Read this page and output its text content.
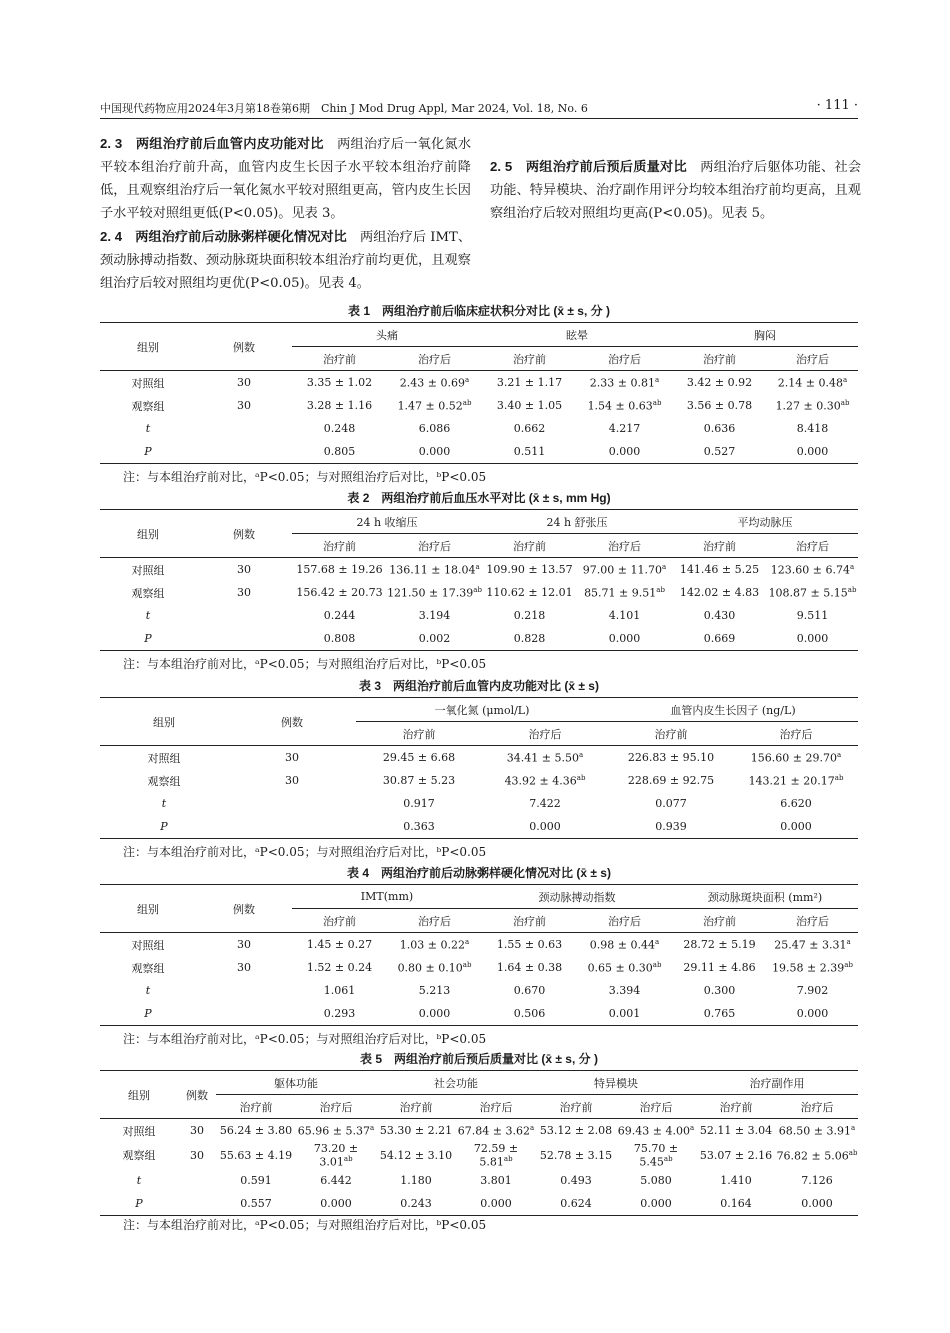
中国现代药物应用2024年3月第18卷第6期　Chin J Mod Drug Appl, Mar 2024, Vol. 18, No. 6	· 111 ·

2. 3　 两组治疗前后血管内皮功能对比　 两组治疗后一氧化氮水平较本组治疗前升高，血管内皮生长因子水平较本组治疗前降低，且观察组治疗后一氧化氮水平较对照组更高，管内皮生长因子水平较对照组更低(P<0.05)。见表 3。

2. 4　 两组治疗前后动脉粥样硬化情况对比　 两组治疗后 IMT、颈动脉搏动指数、颈动脉斑块面积较本组治疗前均更优，且观察组治疗后较对照组均更优(P<0.05)。见表 4。

2. 5　 两组治疗前后预后质量对比　 两组治疗后躯体功能、社会功能、特异模块、治疗副作用评分均较本组治疗前均更高，且观察组治疗后较对照组均更高(P<0.05)。见表 5。

表 1　两组治疗前后临床症状积分对比 (x̄ ± s, 分 )
组别	例数	头痛		眩晕		胸闷	
		治疗前	治疗后	治疗前	治疗后	治疗前	治疗后
对照组	30	3.35 ± 1.02	2.43 ± 0.69$^a$	3.21 ± 1.17	2.33 ± 0.81$^a$	3.42 ± 0.92	2.14 ± 0.48$^a$
观察组	30	3.28 ± 1.16	1.47 ± 0.52$^{ab}$	3.40 ± 1.05	1.54 ± 0.63$^{ab}$	3.56 ± 0.78	1.27 ± 0.30$^{ab}$
t		0.248	6.086	0.662	4.217	0.636	8.418
P		0.805	0.000	0.511	0.000	0.527	0.000
注：与本组治疗前对比，ᵃP<0.05；与对照组治疗后对比，ᵇP<0.05
表 2　两组治疗前后血压水平对比 (x̄ ± s, mm Hg)
组别	例数	24 h 收缩压		24 h 舒张压		平均动脉压	
		治疗前	治疗后	治疗前	治疗后	治疗前	治疗后
对照组	30	157.68 ± 19.26	136.11 ± 18.04$^a$	109.90 ± 13.57	97.00 ± 11.70$^a$	141.46 ± 5.25	123.60 ± 6.74$^a$
观察组	30	156.42 ± 20.73	121.50 ± 17.39$^{ab}$	110.62 ± 12.01	85.71 ± 9.51$^{ab}$	142.02 ± 4.83	108.87 ± 5.15$^{ab}$
t		0.244	3.194	0.218	4.101	0.430	9.511
P		0.808	0.002	0.828	0.000	0.669	0.000
注：与本组治疗前对比，ᵃP<0.05；与对照组治疗后对比，ᵇP<0.05
表 3　两组治疗前后血管内皮功能对比 (x̄ ± s)
组别	例数	一氧化氮 (μmol/L)		血管内皮生长因子 (ng/L)	
		治疗前	治疗后	治疗前	治疗后
对照组	30	29.45 ± 6.68	34.41 ± 5.50$^a$	226.83 ± 95.10	156.60 ± 29.70$^a$
观察组	30	30.87 ± 5.23	43.92 ± 4.36$^{ab}$	228.69 ± 92.75	143.21 ± 20.17$^{ab}$
t		0.917	7.422	0.077	6.620
P		0.363	0.000	0.939	0.000
注：与本组治疗前对比，ᵃP<0.05；与对照组治疗后对比，ᵇP<0.05
表 4　两组治疗前后动脉粥样硬化情况对比 (x̄ ± s)
组别	例数	IMT(mm)		颈动脉搏动指数		颈动脉斑块面积 (mm²)	
		治疗前	治疗后	治疗前	治疗后	治疗前	治疗后
对照组	30	1.45 ± 0.27	1.03 ± 0.22$^a$	1.55 ± 0.63	0.98 ± 0.44$^a$	28.72 ± 5.19	25.47 ± 3.31$^a$
观察组	30	1.52 ± 0.24	0.80 ± 0.10$^{ab}$	1.64 ± 0.38	0.65 ± 0.30$^{ab}$	29.11 ± 4.86	19.58 ± 2.39$^{ab}$
t		1.061	5.213	0.670	3.394	0.300	7.902
P		0.293	0.000	0.506	0.001	0.765	0.000
注：与本组治疗前对比，ᵃP<0.05；与对照组治疗后对比，ᵇP<0.05
表 5　两组治疗前后预后质量对比 (x̄ ± s, 分 )
组别	例数	躯体功能		社会功能		特异模块		治疗副作用	
		治疗前	治疗后	治疗前	治疗后	治疗前	治疗后	治疗前	治疗后
对照组	30	56.24 ± 3.80	65.96 ± 5.37$^a$	53.30 ± 2.21	67.84 ± 3.62$^a$	53.12 ± 2.08	69.43 ± 4.00$^a$	52.11 ± 3.04	68.50 ± 3.91$^a$
观察组	30	55.63 ± 4.19	73.20 ± 3.01$^{ab}$	54.12 ± 3.10	72.59 ± 5.81$^{ab}$	52.78 ± 3.15	75.70 ± 5.45$^{ab}$	53.07 ± 2.16	76.82 ± 5.06$^{ab}$
t		0.591	6.442	1.180	3.801	0.493	5.080	1.410	7.126
P		0.557	0.000	0.243	0.000	0.624	0.000	0.164	0.000
注：与本组治疗前对比，ᵃP<0.05；与对照组治疗后对比，ᵇP<0.05
